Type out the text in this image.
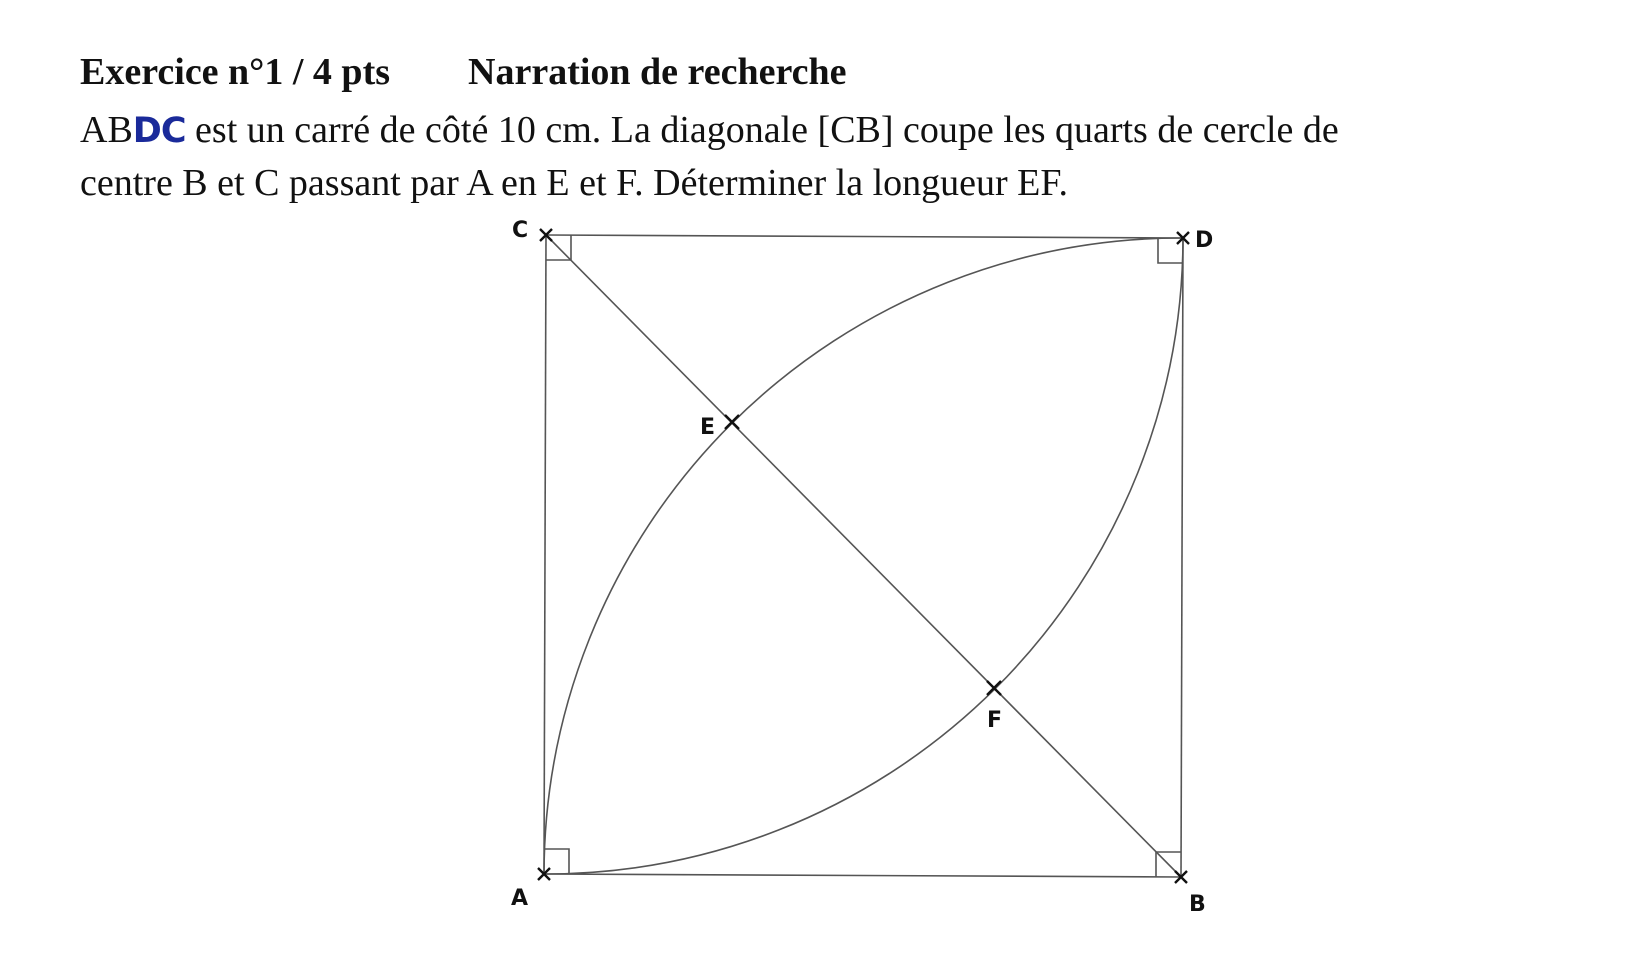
Exercice n°1 / 4 pts Narration de recherche
ABDC est un carré de côté 10 cm. La diagonale [CB] coupe les quarts de cercle de
centre B et C passant par A en E et F. Déterminer la longueur EF.
C	D
A	B
E
F
